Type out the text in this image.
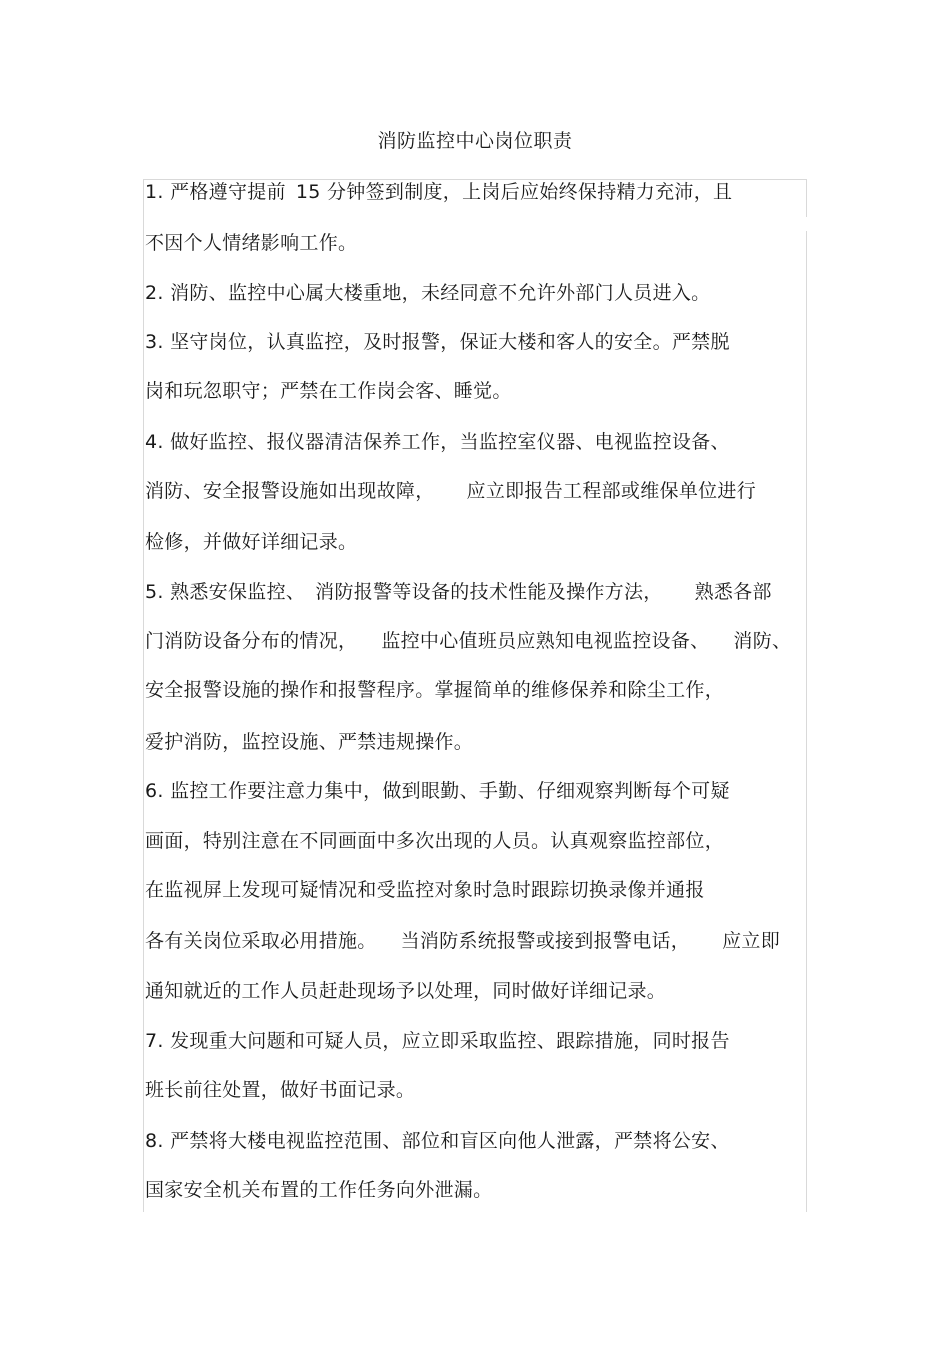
消防监控中心岗位职责
1. 严格遵守提前 15 分钟签到制度，上岗后应始终保持精力充沛，且
不因个人情绪影响工作。
2. 消防、监控中心属大楼重地，未经同意不允许外部门人员进入。
3. 坚守岗位，认真监控，及时报警，保证大楼和客人的安全。严禁脱
岗和玩忽职守；严禁在工作岗会客、睡觉。
4. 做好监控、报仪器清洁保养工作，当监控室仪器、电视监控设备、
消防、安全报警设施如出现故障， 应立即报告工程部或维保单位进行
检修，并做好详细记录。
5. 熟悉安保监控、 消防报警等设备的技术性能及操作方法， 熟悉各部
门消防设备分布的情况， 监控中心值班员应熟知电视监控设备、 消防、
安全报警设施的操作和报警程序。掌握简单的维修保养和除尘工作，
爱护消防，监控设施、严禁违规操作。
6. 监控工作要注意力集中，做到眼勤、手勤、仔细观察判断每个可疑
画面，特别注意在不同画面中多次出现的人员。认真观察监控部位，
在监视屏上发现可疑情况和受监控对象时急时跟踪切换录像并通报
各有关岗位采取必用措施。 当消防系统报警或接到报警电话， 应立即
通知就近的工作人员赶赴现场予以处理，同时做好详细记录。
7. 发现重大问题和可疑人员，应立即采取监控、跟踪措施，同时报告
班长前往处置，做好书面记录。
8. 严禁将大楼电视监控范围、部位和盲区向他人泄露，严禁将公安、
国家安全机关布置的工作任务向外泄漏。
